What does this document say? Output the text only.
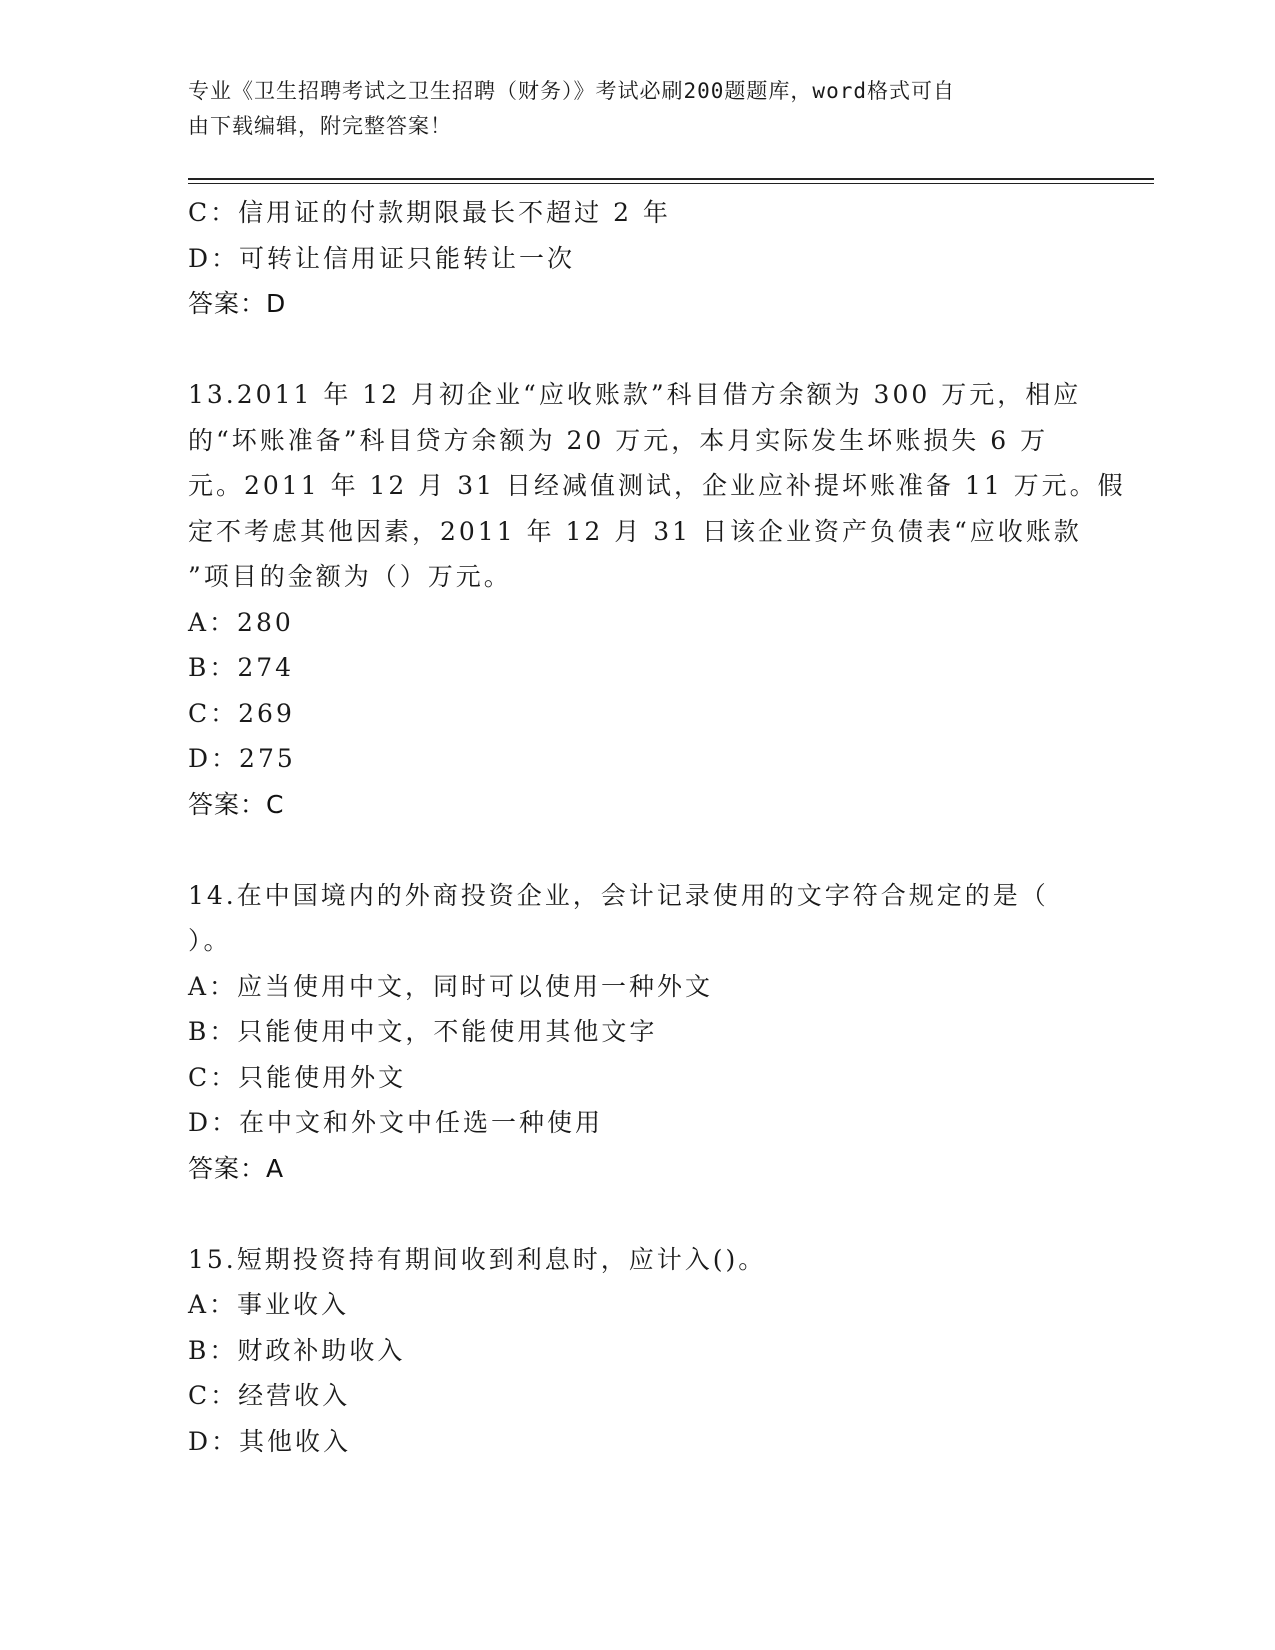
专业《卫生招聘考试之卫生招聘（财务）》考试必刷200题题库，word格式可自
由下载编辑，附完整答案！
C：信用证的付款期限最长不超过 2 年
D：可转让信用证只能转让一次
答案：D
13.2011 年 12 月初企业“应收账款”科目借方余额为 300 万元，相应
的“坏账准备”科目贷方余额为 20 万元，本月实际发生坏账损失 6 万
元。2011 年 12 月 31 日经减值测试，企业应补提坏账准备 11 万元。假
定不考虑其他因素，2011 年 12 月 31 日该企业资产负债表“应收账款
”项目的金额为（）万元。
A：280
B：274
C：269
D：275
答案：C
14.在中国境内的外商投资企业，会计记录使用的文字符合规定的是（
）。
A：应当使用中文，同时可以使用一种外文
B：只能使用中文，不能使用其他文字
C：只能使用外文
D：在中文和外文中任选一种使用
答案：A
15.短期投资持有期间收到利息时，应计入()。
A：事业收入
B：财政补助收入
C：经营收入
D：其他收入
